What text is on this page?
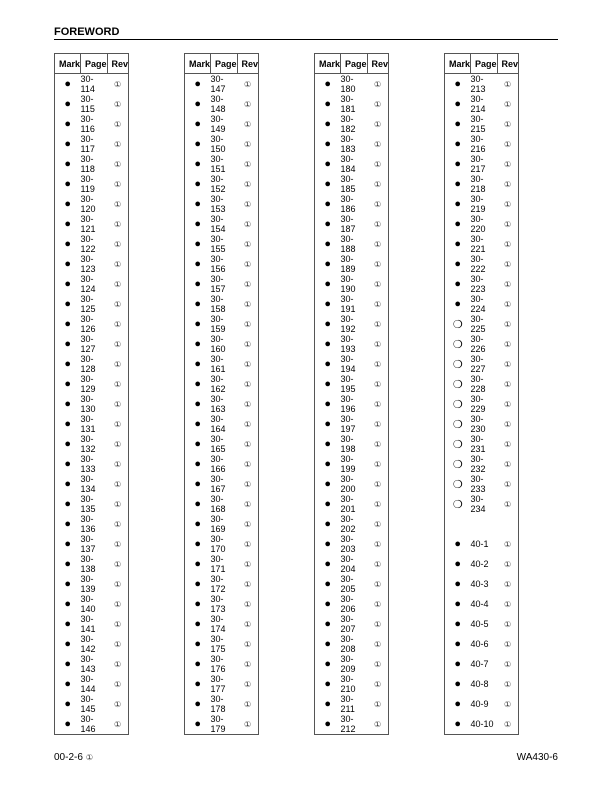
FOREWORD
Mark	Page	Rev
●	30-114	①
●	30-115	①
●	30-116	①
●	30-117	①
●	30-118	①
●	30-119	①
●	30-120	①
●	30-121	①
●	30-122	①
●	30-123	①
●	30-124	①
●	30-125	①
●	30-126	①
●	30-127	①
●	30-128	①
●	30-129	①
●	30-130	①
●	30-131	①
●	30-132	①
●	30-133	①
●	30-134	①
●	30-135	①
●	30-136	①
●	30-137	①
●	30-138	①
●	30-139	①
●	30-140	①
●	30-141	①
●	30-142	①
●	30-143	①
●	30-144	①
●	30-145	①
●	30-146	①
Mark	Page	Rev
●	30-147	①
●	30-148	①
●	30-149	①
●	30-150	①
●	30-151	①
●	30-152	①
●	30-153	①
●	30-154	①
●	30-155	①
●	30-156	①
●	30-157	①
●	30-158	①
●	30-159	①
●	30-160	①
●	30-161	①
●	30-162	①
●	30-163	①
●	30-164	①
●	30-165	①
●	30-166	①
●	30-167	①
●	30-168	①
●	30-169	①
●	30-170	①
●	30-171	①
●	30-172	①
●	30-173	①
●	30-174	①
●	30-175	①
●	30-176	①
●	30-177	①
●	30-178	①
●	30-179	①
Mark	Page	Rev
●	30-180	①
●	30-181	①
●	30-182	①
●	30-183	①
●	30-184	①
●	30-185	①
●	30-186	①
●	30-187	①
●	30-188	①
●	30-189	①
●	30-190	①
●	30-191	①
●	30-192	①
●	30-193	①
●	30-194	①
●	30-195	①
●	30-196	①
●	30-197	①
●	30-198	①
●	30-199	①
●	30-200	①
●	30-201	①
●	30-202	①
●	30-203	①
●	30-204	①
●	30-205	①
●	30-206	①
●	30-207	①
●	30-208	①
●	30-209	①
●	30-210	①
●	30-211	①
●	30-212	①
Mark	Page	Rev
●	30-213	①
●	30-214	①
●	30-215	①
●	30-216	①
●	30-217	①
●	30-218	①
●	30-219	①
●	30-220	①
●	30-221	①
●	30-222	①
●	30-223	①
●	30-224	①
❍	30-225	①
❍	30-226	①
❍	30-227	①
❍	30-228	①
❍	30-229	①
❍	30-230	①
❍	30-231	①
❍	30-232	①
❍	30-233	①
❍	30-234	①

●	40-1	①
●	40-2	①
●	40-3	①
●	40-4	①
●	40-5	①
●	40-6	①
●	40-7	①
●	40-8	①
●	40-9	①
●	40-10	①
00-2-6 ①	WA430-6
